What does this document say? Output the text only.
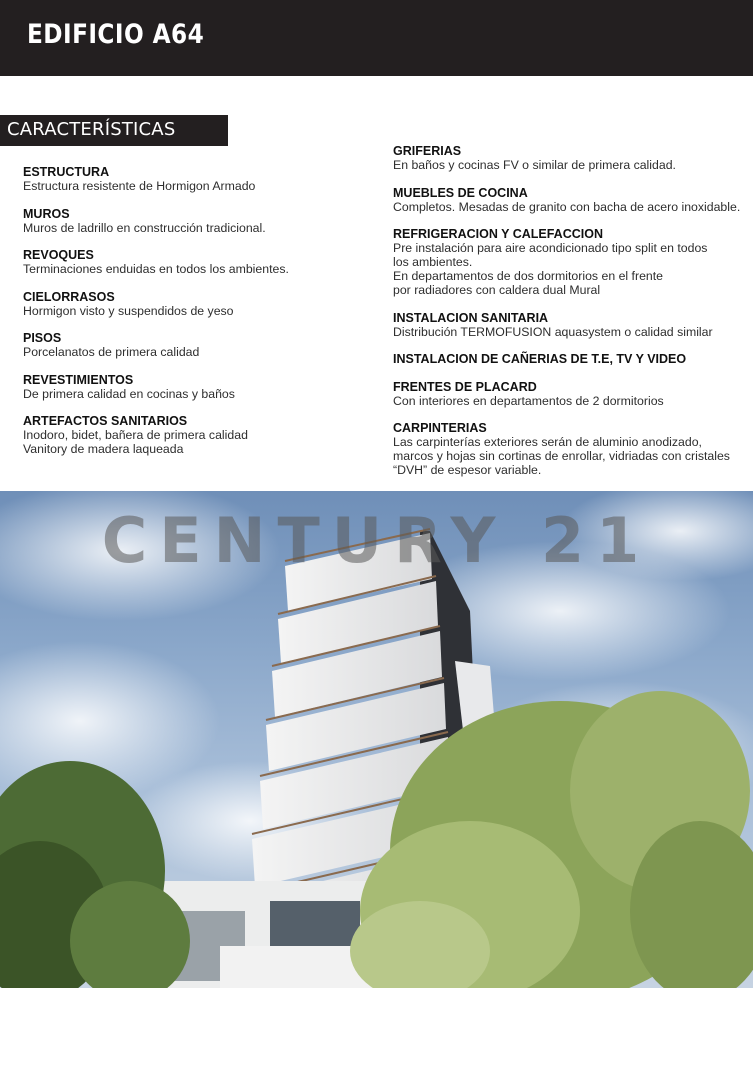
EDIFICIO A64
CARACTERÍSTICAS
ESTRUCTURA
Estructura resistente de Hormigon Armado
MUROS
Muros de ladrillo en construcción tradicional.
REVOQUES
Terminaciones enduidas en todos los ambientes.
CIELORRASOS
Hormigon visto y suspendidos de yeso
PISOS
Porcelanatos de primera calidad
REVESTIMIENTOS
De primera calidad en cocinas y baños
ARTEFACTOS SANITARIOS
Inodoro, bidet, bañera de primera calidad
Vanitory de madera laqueada
GRIFERIAS
En baños y cocinas FV o similar de primera calidad.
MUEBLES DE COCINA
Completos. Mesadas de granito con bacha de acero inoxidable.
REFRIGERACION Y CALEFACCION
Pre instalación para aire acondicionado tipo split en todos
los ambientes.
En departamentos de dos dormitorios en el frente
por radiadores con caldera dual Mural
INSTALACION SANITARIA
Distribución TERMOFUSION aquasystem o calidad similar
INSTALACION DE CAÑERIAS DE T.E, TV Y VIDEO
FRENTES DE PLACARD
Con interiores en departamentos de 2 dormitorios
CARPINTERIAS
Las carpinterías exteriores serán de aluminio anodizado,
marcos y hojas sin cortinas de enrollar, vidriadas con cristales
“DVH” de espesor variable.
CENTURY 21
